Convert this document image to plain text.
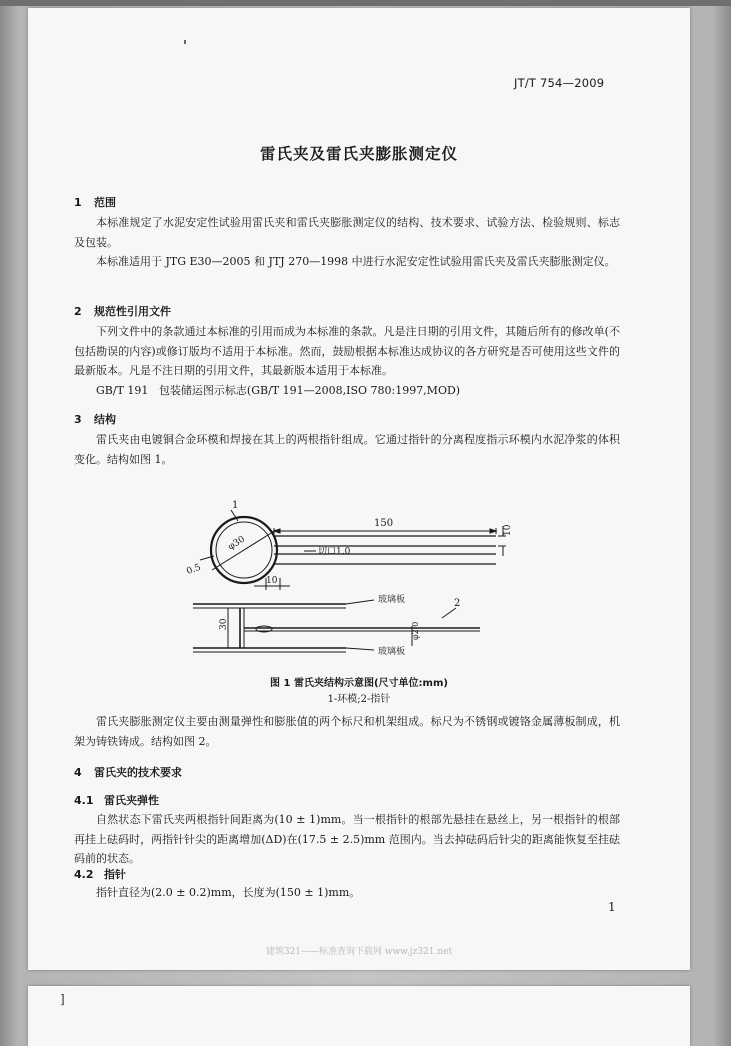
JT/T 754—2009
雷氏夹及雷氏夹膨胀测定仪
1 范围
本标准规定了水泥安定性试验用雷氏夹和雷氏夹膨胀测定仪的结构、技术要求、试验方法、检验规则、标志及包装。
本标准适用于 JTG E30—2005 和 JTJ 270—1998 中进行水泥安定性试验用雷氏夹及雷氏夹膨胀测定仪。
2 规范性引用文件
下列文件中的条款通过本标准的引用而成为本标准的条款。凡是注日期的引用文件，其随后所有的修改单(不包括勘误的内容)或修订版均不适用于本标准。然而，鼓励根据本标准达成协议的各方研究是否可使用这些文件的最新版本。凡是不注日期的引用文件，其最新版本适用于本标准。
GB/T 191 包装储运图示标志(GB/T 191—2008,ISO 780:1997,MOD)
3 结构
雷氏夹由电镀铜合金环模和焊接在其上的两根指针组成。它通过指针的分离程度指示环模内水泥净浆的体积变化。结构如图 1。
1
φ30
0.5
150
10
切口1.0
10
30
玻璃板	2
玻璃板
φ2.0
图 1 雷氏夹结构示意图(尺寸单位:mm)
1-环模;2-指针
雷氏夹膨胀测定仪主要由测量弹性和膨胀值的两个标尺和机架组成。标尺为不锈钢或镀铬金属薄板制成，机架为铸铁铸成。结构如图 2。
4 雷氏夹的技术要求
4.1 雷氏夹弹性
自然状态下雷氏夹两根指针间距离为(10 ± 1)mm。当一根指针的根部先悬挂在悬丝上，另一根指针的根部再挂上砝码时，两指针针尖的距离增加(ΔD)在(17.5 ± 2.5)mm 范围内。当去掉砝码后针尖的距离能恢复至挂砝码前的状态。
4.2 指针
指针直径为(2.0 ± 0.2)mm，长度为(150 ± 1)mm。
1
建筑321——标准查询下载网 www.jz321.net
]
